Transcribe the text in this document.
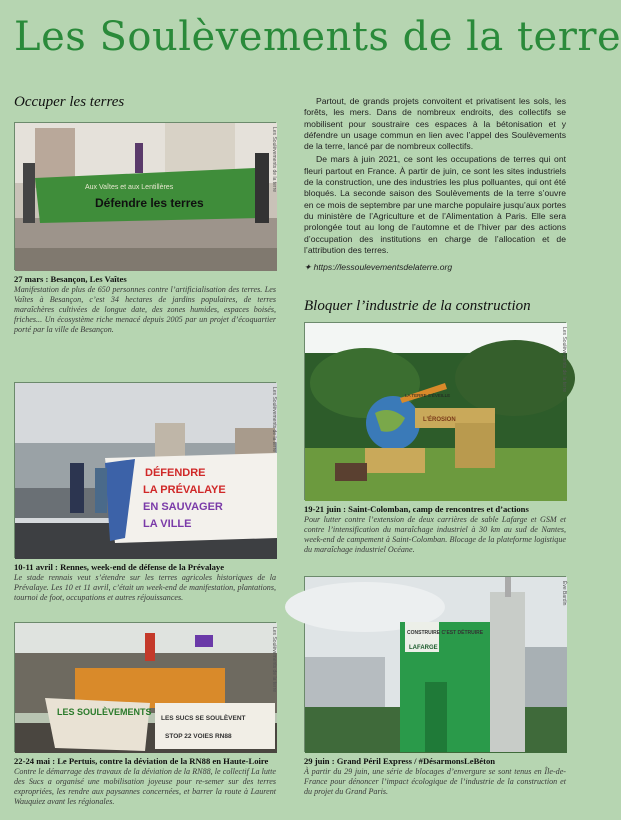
Les Soulèvements de la terre
Occuper les terres
Aux Vaîtes et aux Lentillères
Défendre les terres
Les Soulèvements de la terre
27 mars : Besançon, Les Vaîtes
Manifestation de plus de 650 personnes contre l’artificialisation des terres. Les Vaîtes à Besançon, c’est 34 hectares de jardins populaires, de terres maraîchères cultivées de longue date, des zones humides, espaces boisés, friches... Un écosystème riche menacé depuis 2005 par un projet d’écoquartier porté par la ville de Besançon.
DÉFENDRE
LA PRÉVALAYE
EN SAUVAGER
LA VILLE
Les Soulèvements de la terre
10-11 avril : Rennes, week-end de défense de la Prévalaye
Le stade rennais veut s’étendre sur les terres agricoles historiques de la Prévalaye. Les 10 et 11 avril, c’était un week-end de manifestation, plantations, tournoi de foot, occupations et autres réjouissances.
LES SOULÈVEMENTS
LES SUCS SE SOULÈVENT
STOP 22 VOIES RN88
Les Soulèvements de la terre
22-24 mai : Le Pertuis, contre la déviation de la RN88 en Haute-Loire
Contre le démarrage des travaux de la déviation de la RN88, le collectif La lutte des Sucs a organisé une mobilisation joyeuse pour re-semer sur des terres expropriées, les rendre aux paysannes concernées, et barrer la route à Laurent Wauquiez avant les régionales.

Partout, de grands projets convoitent et privatisent les sols, les forêts, les mers. Dans de nombreux endroits, des collectifs se mobilisent pour soustraire ces espaces à la bétonisation et y défendre un usage commun en lien avec l’appel des Soulèvements de la terre, lancé par de nombreux collectifs.

De mars à juin 2021, ce sont les occupations de terres qui ont fleuri partout en France. À partir de juin, ce sont les sites industriels de la construction, une des industries les plus polluantes, qui ont été bloqués. La seconde saison des Soulèvements de la terre s’ouvre en ce mois de septembre par une marche populaire jusqu’aux portes du ministère de l’Agriculture et de l’Alimentation à Paris. Elle sera prolongée tout au long de l’automne et de l’hiver par des actions d’occupation des institutions en charge de l’allocation et de l’attribution des terres.

✦ https://lessoulevementsdelaterre.org
Bloquer l’industrie de la construction
L’ÉROSION
LA TERRE S’ÉVEILLE
Les Soulèvements de la terre
19-21 juin : Saint-Colomban, camp de rencontres et d’actions
Pour lutter contre l’extension de deux carrières de sable Lafarge et GSM et contre l’intensification du maraîchage industriel à 30 km au sud de Nantes, week-end de campement à Saint-Colomban. Blocage de la plateforme logistique du maraîchage industriel Océane.
CONSTRUIRE C’EST DÉTRUIRE
LAFARGE
Ève Bardin
29 juin : Grand Péril Express / #DésarmonsLeBéton
À partir du 29 juin, une série de blocages d’envergure se sont tenus en Île-de-France pour dénoncer l’impact écologique de l’industrie de la construction et du projet du Grand Paris.
